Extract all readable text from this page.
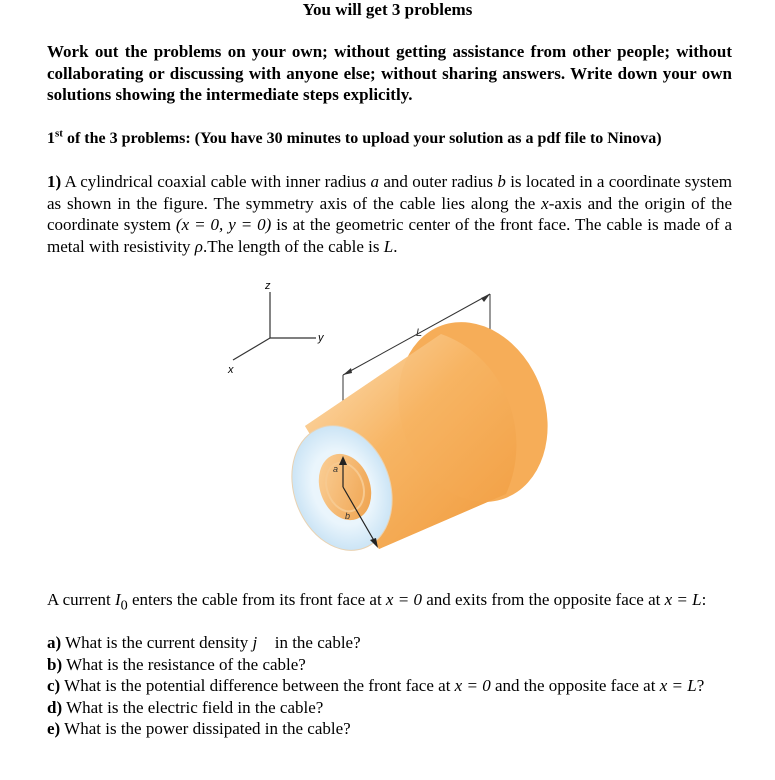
You will get 3 problems
Work out the problems on your own; without getting assistance from other people; without collaborating or discussing with anyone else; without sharing answers. Write down your own solutions showing the intermediate steps explicitly.
1st of the 3 problems: (You have 30 minutes to upload your solution as a pdf file to Ninova)
1) A cylindrical coaxial cable with inner radius a and outer radius b is located in a coordinate system as shown in the figure. The symmetry axis of the cable lies along the x-axis and the origin of the coordinate system (x = 0, y = 0) is at the geometric center of the front face. The cable is made of a metal with resistivity ρ.The length of the cable is L.
z
y
x
L
a
b
A current $I_0$ enters the cable from its front face at x = 0 and exits from the opposite face at x = L:
a) What is the current density j⃗ in the cable?
b) What is the resistance of the cable?
c) What is the potential difference between the front face at x = 0 and the opposite face at x = L?
d) What is the electric field in the cable?
e) What is the power dissipated in the cable?
